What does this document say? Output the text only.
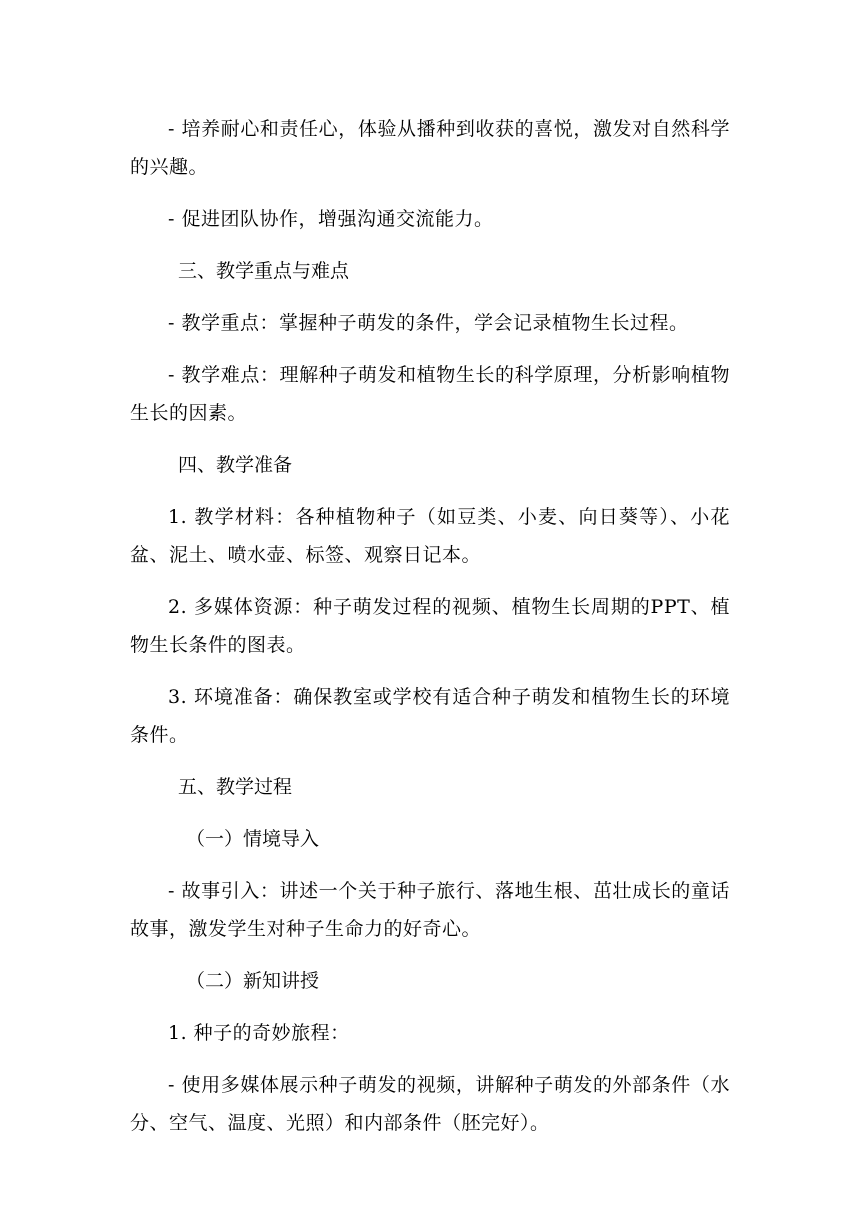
- 培养耐心和责任心，体验从播种到收获的喜悦，激发对自然科学的兴趣。

- 促进团队协作，增强沟通交流能力。

三、教学重点与难点

- 教学重点：掌握种子萌发的条件，学会记录植物生长过程。

- 教学难点：理解种子萌发和植物生长的科学原理，分析影响植物生长的因素。

四、教学准备

1. 教学材料：各种植物种子（如豆类、小麦、向日葵等）、小花盆、泥土、喷水壶、标签、观察日记本。

2. 多媒体资源：种子萌发过程的视频、植物生长周期的PPT、植物生长条件的图表。

3. 环境准备：确保教室或学校有适合种子萌发和植物生长的环境条件。

五、教学过程

（一）情境导入

- 故事引入：讲述一个关于种子旅行、落地生根、茁壮成长的童话故事，激发学生对种子生命力的好奇心。

（二）新知讲授

1. 种子的奇妙旅程：

- 使用多媒体展示种子萌发的视频，讲解种子萌发的外部条件（水分、空气、温度、光照）和内部条件（胚完好）。
